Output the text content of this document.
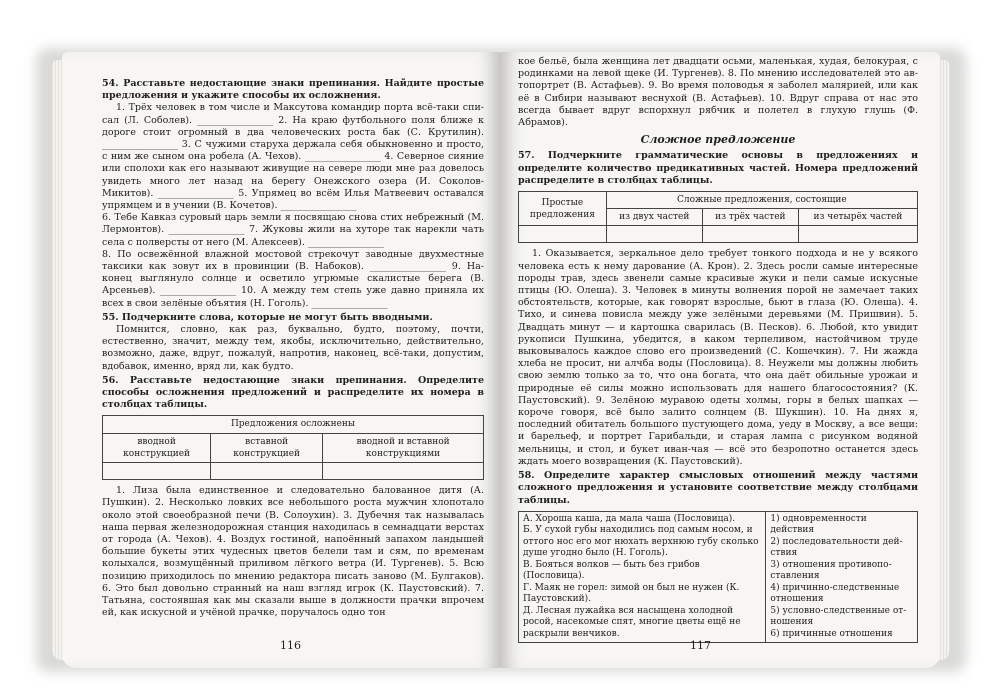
54. Расставьте недостающие знаки препинания. Найдите простые предложения и укажите способы их осложнения.

1. Трёх человек в том числе и Максутова командир порта всё-таки списал (Л. Соболев). ________________ 2. На краю футбольного поля ближе к дороге стоит огромный в два человеческих роста бак (С. Крутилин). ________________ 3. С чужими старуха держала себя обыкновенно и просто, с ним же сыном она робела (А. Чехов). ________________ 4. Северное сияние или сполохи как его называют живущие на севере люди мне раз довелось увидеть много лет назад на берегу Онежского озера (И. Соколов-Микитов). ________________ 5. Упрямец во всём Илья Матвеевич оставался упрямцем и в учении (В. Кочетов). ________________

6. Тебе Кавказ суровый царь земли я посвящаю снова стих небрежный (М. Лермонтов). ________________ 7. Жуковы жили на хуторе так нарекли чать села с полверсты от него (М. Алексеев). ________________

8. По освежённой влажной мостовой стрекочут заводные двухместные таксики как зовут их в провинции (В. Набоков). ________________ 9. На конец выглянуло солнце и осветило угрюмые скалистые берега (В. Арсеньев). ________________ 10. А между тем степь уже давно приняла их всех в свои зелёные объятия (Н. Гоголь). ________________

55. Подчеркните слова, которые не могут быть вводными.

Помнится, словно, как раз, буквально, будто, поэтому, почти, естественно, значит, между тем, якобы, исключительно, действительно, возможно, даже, вдруг, пожалуй, напротив, наконец, всё-таки, допустим, вдобавок, именно, вряд ли, как будто.

56. Расставьте недостающие знаки препинания. Определите способы осложнения предложений и распределите их номера в столбцах таблицы.

Предложения осложнены		
вводной конструкцией	вставной конструкцией	вводной и вставной конструкциями

1. Лиза была единственное и следовательно балованное дитя (А. Пушкин). 2. Несколько ловких все небольшого роста мужчин хлопотало около этой своеобразной печи (В. Солоухин). 3. Дубечня так называлась наша первая железнодорожная станция находилась в семнадцати верстах от города (А. Чехов). 4. Воздух гостиной, напоённый запахом ландышей большие букеты этих чудесных цветов белели там и сям, по временам колыхался, возмущённый приливом лёгкого ветра (И. Тургенев). 5. Всю позицию приходилось по мнению редактора писать заново (М. Булгаков). 6. Это был довольно странный на наш взгляд игрок (К. Паустовский). 7. Татьяна, состоявшая как мы сказали выше в должности прачки впрочем ей, как искусной и учёной прачке, поручалось одно тон

116

кое бельё, была женщина лет двадцати осьми, маленькая, худая, белокурая, с родинками на левой щеке (И. Тургенев). 8. По мнению исследователей это автопортрет (В. Астафьев). 9. Во время половодья я заболел малярией, или как её в Сибири называют веснухой (В. Астафьев). 10. Вдруг справа от нас это всегда бывает вдруг вспорхнул рябчик и полетел в глухую глушь (Ф. Абрамов).

Сложное предложение

57. Подчеркните грамматические основы в предложениях и определите количество предикативных частей. Номера предложений распределите в столбцах таблицы.

Простые предложения	Сложные предложения, состоящие		
	из двух частей	из трёх частей	из четырёх частей

1. Оказывается, зеркальное дело требует тонкого подхода и не у всякого человека есть к нему дарование (А. Крон). 2. Здесь росли самые интересные породы трав, здесь звенели самые красивые жуки и пели самые искусные птицы (Ю. Олеша). 3. Человек в минуты волнения порой не замечает таких обстоятельств, которые, как говорят взрослые, бьют в глаза (Ю. Олеша). 4. Тихо, и синева повисла между уже зелёными деревьями (М. Пришвин). 5. Двадцать минут — и картошка сварилась (В. Песков). 6. Любой, кто увидит рукописи Пушкина, убедится, в каком терпеливом, настойчивом труде выковывалось каждое слово его произведений (С. Кошечкин). 7. Ни жажда хлеба не просит, ни алчба воды (Пословица). 8. Неужели мы должны любить свою землю только за то, что она богата, что она даёт обильные урожаи и природные её силы можно использовать для нашего благосостояния? (К. Паустовский). 9. Зелёною муравою одеты холмы, горы в белых шапках — короче говоря, всё было залито солнцем (В. Шукшин). 10. На днях я, последний обитатель большого пустующего дома, уеду в Москву, а все вещи: и барельеф, и портрет Гарибальди, и старая лампа с рисунком водяной мельницы, и стол, и букет иван-чая — всё это безропотно останется здесь ждать моего возвращения (К. Паустовский).

58. Определите характер смысловых отношений между частями сложного предложения и установите соответствие между столбцами таблицы.

А. Хороша каша, да мала чаша (Пословица).
Б. У сухой губы находились под самым носом, и оттого нос его мог нюхать верхнюю губу сколько душе угодно было (Н. Гоголь).
В. Бояться волков — быть без грибов (Пословица).
Г. Маяк не горел: зимой он был не нужен (К. Паустовский).
Д. Лесная лужайка вся насыщена холодной росой, насекомые спят, многие цветы ещё не раскрыли венчиков.

1) одновременности действия
2) последовательности действия
3) отношения противопоставления
4) причинно-следственные отношения
5) условно-следственные отношения
6) причинные отношения
117
